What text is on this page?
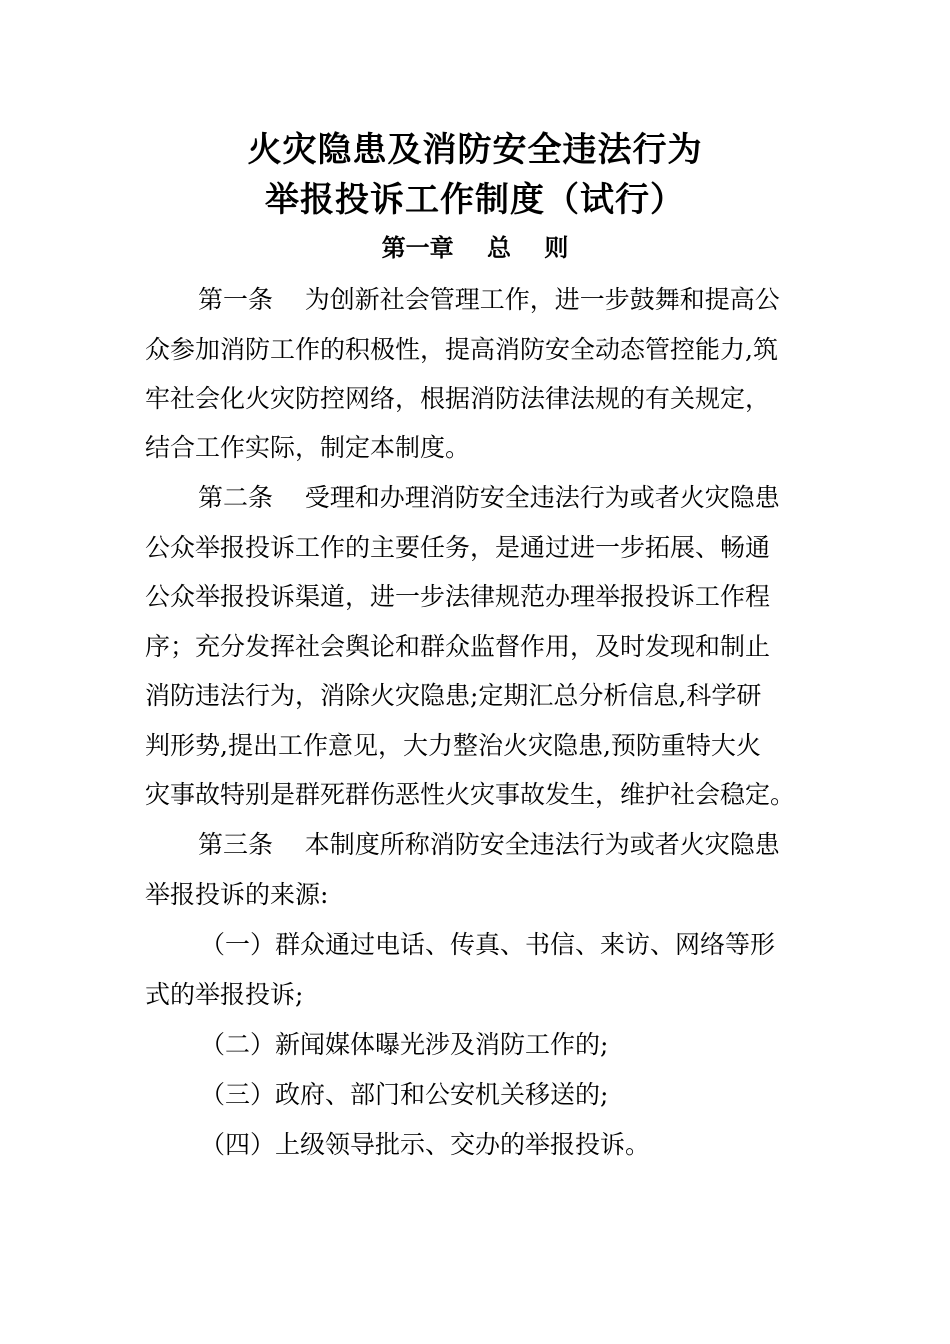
火灾隐患及消防安全违法行为
举报投诉工作制度（试行）
第一章    总    则
第一条    为创新社会管理工作，进一步鼓舞和提高公
众参加消防工作的积极性，提高消防安全动态管控能力,筑
牢社会化火灾防控网络，根据消防法律法规的有关规定，
结合工作实际，制定本制度。
第二条    受理和办理消防安全违法行为或者火灾隐患
公众举报投诉工作的主要任务，是通过进一步拓展、畅通
公众举报投诉渠道，进一步法律规范办理举报投诉工作程
序；充分发挥社会舆论和群众监督作用，及时发现和制止
消防违法行为，消除火灾隐患;定期汇总分析信息,科学研
判形势,提出工作意见，大力整治火灾隐患,预防重特大火
灾事故特别是群死群伤恶性火灾事故发生，维护社会稳定。
第三条    本制度所称消防安全违法行为或者火灾隐患
举报投诉的来源:
（一）群众通过电话、传真、书信、来访、网络等形
式的举报投诉;
（二）新闻媒体曝光涉及消防工作的;
（三）政府、部门和公安机关移送的;
（四）上级领导批示、交办的举报投诉。
